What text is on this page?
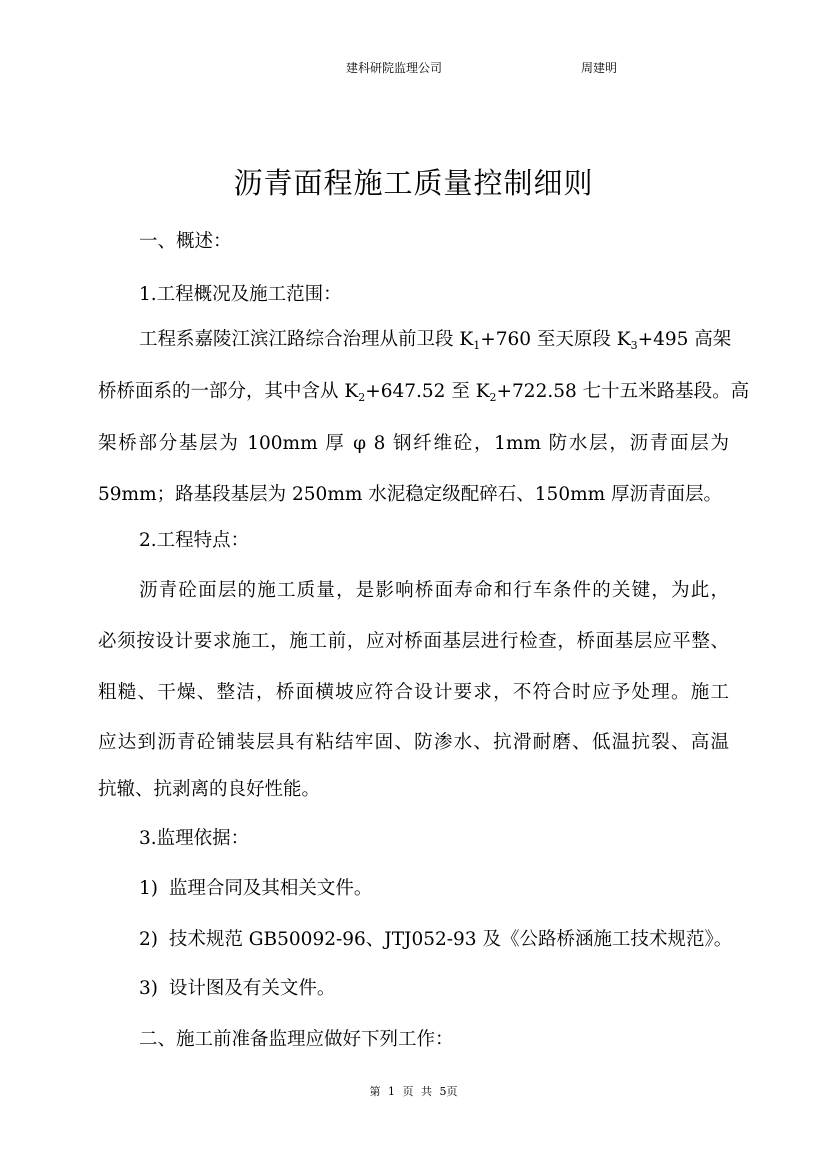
建科研院监理公司	周建明
沥青面程施工质量控制细则
一、概述：
1.工程概况及施工范围：
工程系嘉陵江滨江路综合治理从前卫段 $K_1+760$ 至天原段 $K_3+495$ 高架
桥桥面系的一部分，其中含从 $K_2+647.52$ 至 $K_2+722.58$ 七十五米路基段。高
架桥部分基层为 100mm 厚 φ 8 钢纤维砼，1mm 防水层，沥青面层为
59mm；路基段基层为 250mm 水泥稳定级配碎石、150mm 厚沥青面层。
2.工程特点：
沥青砼面层的施工质量，是影响桥面寿命和行车条件的关键，为此，
必须按设计要求施工，施工前，应对桥面基层进行检查，桥面基层应平整、
粗糙、干燥、整洁，桥面横坡应符合设计要求，不符合时应予处理。施工
应达到沥青砼铺装层具有粘结牢固、防渗水、抗滑耐磨、低温抗裂、高温
抗辙、抗剥离的良好性能。
3.监理依据：
1) 监理合同及其相关文件。
2) 技术规范 GB50092-96、JTJ052-93 及《公路桥涵施工技术规范》。
3) 设计图及有关文件。
二、施工前准备监理应做好下列工作：
第 1 页 共 5页
